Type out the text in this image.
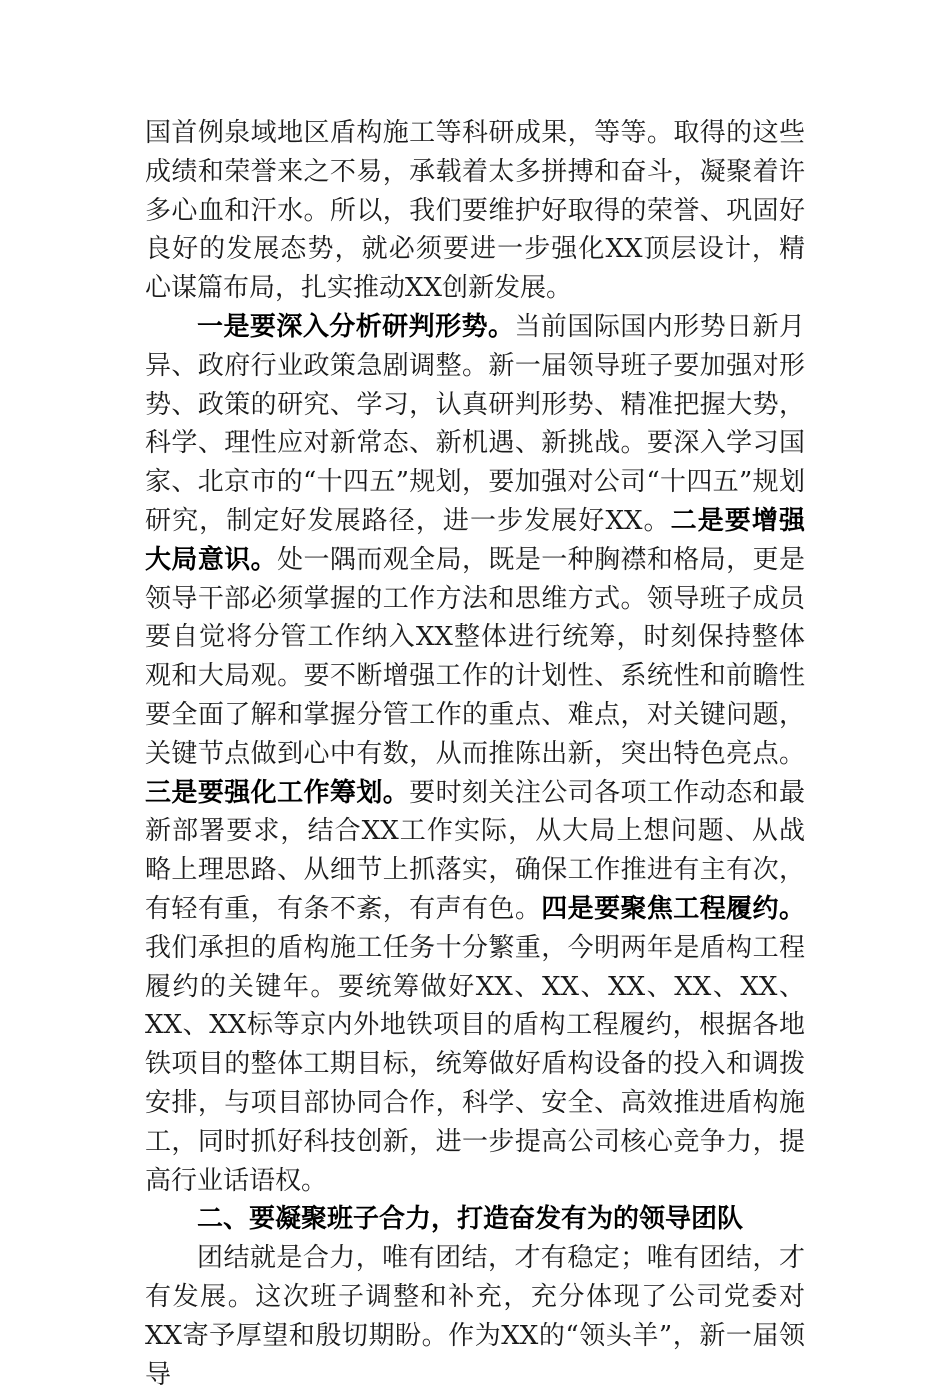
国首例泉域地区盾构施工等科研成果，等等。取得的这些成绩和荣誉来之不易，承载着太多拼搏和奋斗，凝聚着许多心血和汗水。所以，我们要维护好取得的荣誉、巩固好良好的发展态势，就必须要进一步强化XX顶层设计，精心谋篇布局，扎实推动XX创新发展。

一是要深入分析研判形势。当前国际国内形势日新月异、政府行业政策急剧调整。新一届领导班子要加强对形势、政策的研究、学习，认真研判形势、精准把握大势，科学、理性应对新常态、新机遇、新挑战。要深入学习国家、北京市的“十四五”规划，要加强对公司“十四五”规划研究，制定好发展路径，进一步发展好XX。二是要增强大局意识。处一隅而观全局，既是一种胸襟和格局，更是领导干部必须掌握的工作方法和思维方式。领导班子成员要自觉将分管工作纳入XX整体进行统筹，时刻保持整体观和大局观。要不断增强工作的计划性、系统性和前瞻性要全面了解和掌握分管工作的重点、难点，对关键问题，关键节点做到心中有数，从而推陈出新，突出特色亮点。三是要强化工作筹划。要时刻关注公司各项工作动态和最新部署要求，结合XX工作实际，从大局上想问题、从战略上理思路、从细节上抓落实，确保工作推进有主有次，有轻有重，有条不紊，有声有色。四是要聚焦工程履约。我们承担的盾构施工任务十分繁重，今明两年是盾构工程履约的关键年。要统筹做好XX、XX、XX、XX、XX、XX、XX标等京内外地铁项目的盾构工程履约，根据各地铁项目的整体工期目标，统筹做好盾构设备的投入和调拨安排，与项目部协同合作，科学、安全、高效推进盾构施工，同时抓好科技创新，进一步提高公司核心竞争力，提高行业话语权。

二、要凝聚班子合力，打造奋发有为的领导团队

团结就是合力，唯有团结，才有稳定；唯有团结，才有发展。这次班子调整和补充，充分体现了公司党委对XX寄予厚望和殷切期盼。作为XX的“领头羊”，新一届领导
